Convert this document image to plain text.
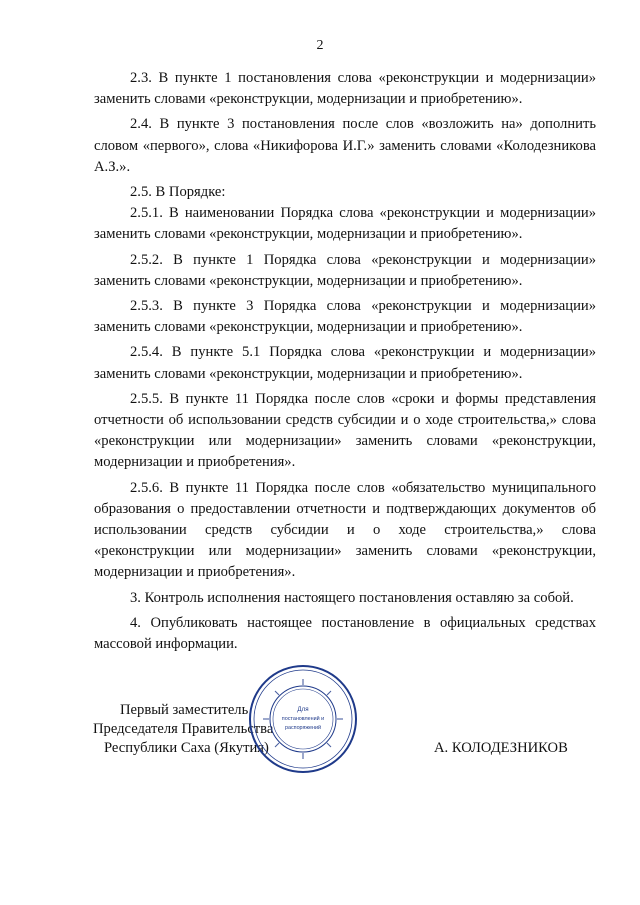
2

2.3. В пункте 1 постановления слова «реконструкции и модернизации» заменить словами «реконструкции, модернизации и приобретению».

2.4. В пункте 3 постановления после слов «возложить на» дополнить словом «первого», слова «Никифорова И.Г.» заменить словами «Колодезникова А.З.».

2.5. В Порядке:

2.5.1. В наименовании Порядка слова «реконструкции и модернизации» заменить словами «реконструкции, модернизации и приобретению».

2.5.2. В пункте 1 Порядка слова «реконструкции и модернизации» заменить словами «реконструкции, модернизации и приобретению».

2.5.3. В пункте 3 Порядка слова «реконструкции и модернизации» заменить словами «реконструкции, модернизации и приобретению».

2.5.4. В пункте 5.1 Порядка слова «реконструкции и модернизации» заменить словами «реконструкции, модернизации и приобретению».

2.5.5. В пункте 11 Порядка после слов «сроки и формы представления отчетности об использовании средств субсидии и о ходе строительства,» слова «реконструкции или модернизации» заменить словами «реконструкции, модернизации и приобретения».

2.5.6. В пункте 11 Порядка после слов «обязательство муниципального образования о предоставлении отчетности и подтверждающих документов об использовании средств субсидии и о ходе строительства,» слова «реконструкции или модернизации» заменить словами «реконструкции, модернизации и приобретения».

3. Контроль исполнения настоящего постановления оставляю за собой.

4. Опубликовать настоящее постановление в официальных средствах массовой информации.

Первый заместитель
Председателя Правительства
Республики Саха (Якутия)	А. КОЛОДЕЗНИКОВ
Для
постановлений и
распоряжений
